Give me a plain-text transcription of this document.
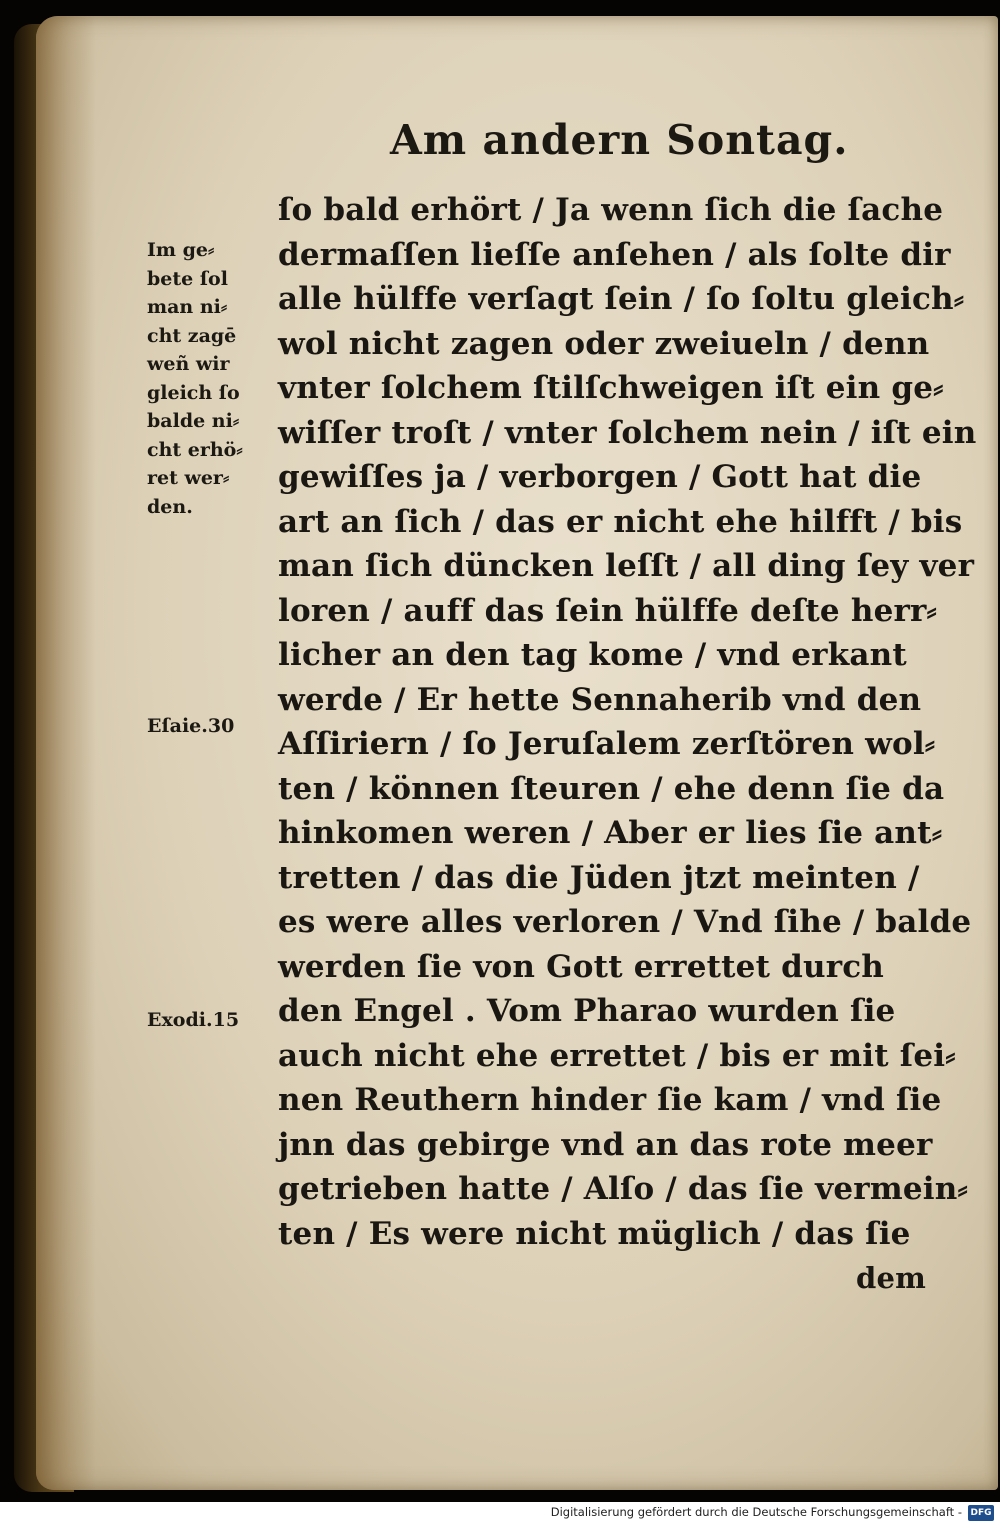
Am andern Sontag.
Im ge⸗
bete ſol
man ni⸗
cht zagē
weñ wir
gleich ſo
balde ni⸗
cht erhö⸗
ret wer⸗
den.
Eſaie.30
Exodi.15
ſo bald erhört / Ja wenn ſich die ſache
dermaſſen lieſſe anſehen / als ſolte dir
alle hülffe verſagt ſein / ſo ſoltu gleich⸗
wol nicht zagen oder zweiueln / denn
vnter ſolchem ſtilſchweigen iſt ein ge⸗
wiſſer troſt / vnter ſolchem nein / iſt ein
gewiſſes ja / verborgen / Gott hat die
art an ſich / das er nicht ehe hilfft / bis
man ſich düncken leſſt / all ding ſey ver
loren / auff das ſein hülffe deſte herr⸗
licher an den tag kome / vnd erkant
werde / Er hette Sennaherib vnd den
Aſſiriern / ſo Jeruſalem zerſtören wol⸗
ten / können ſteuren / ehe denn ſie da
hinkomen weren / Aber er lies ſie ant⸗
tretten / das die Jüden jtzt meinten /
es were alles verloren / Vnd ſihe / balde
werden ſie von Gott errettet durch
den Engel . Vom Pharao wurden ſie
auch nicht ehe errettet / bis er mit ſei⸗
nen Reuthern hinder ſie kam / vnd ſie
jnn das gebirge vnd an das rote meer
getrieben hatte / Alſo / das ſie vermein⸗
ten / Es were nicht müglich / das ſie
dem
Digitalisierung gefördert durch die Deutsche Forschungsgemeinschaft - DFG
